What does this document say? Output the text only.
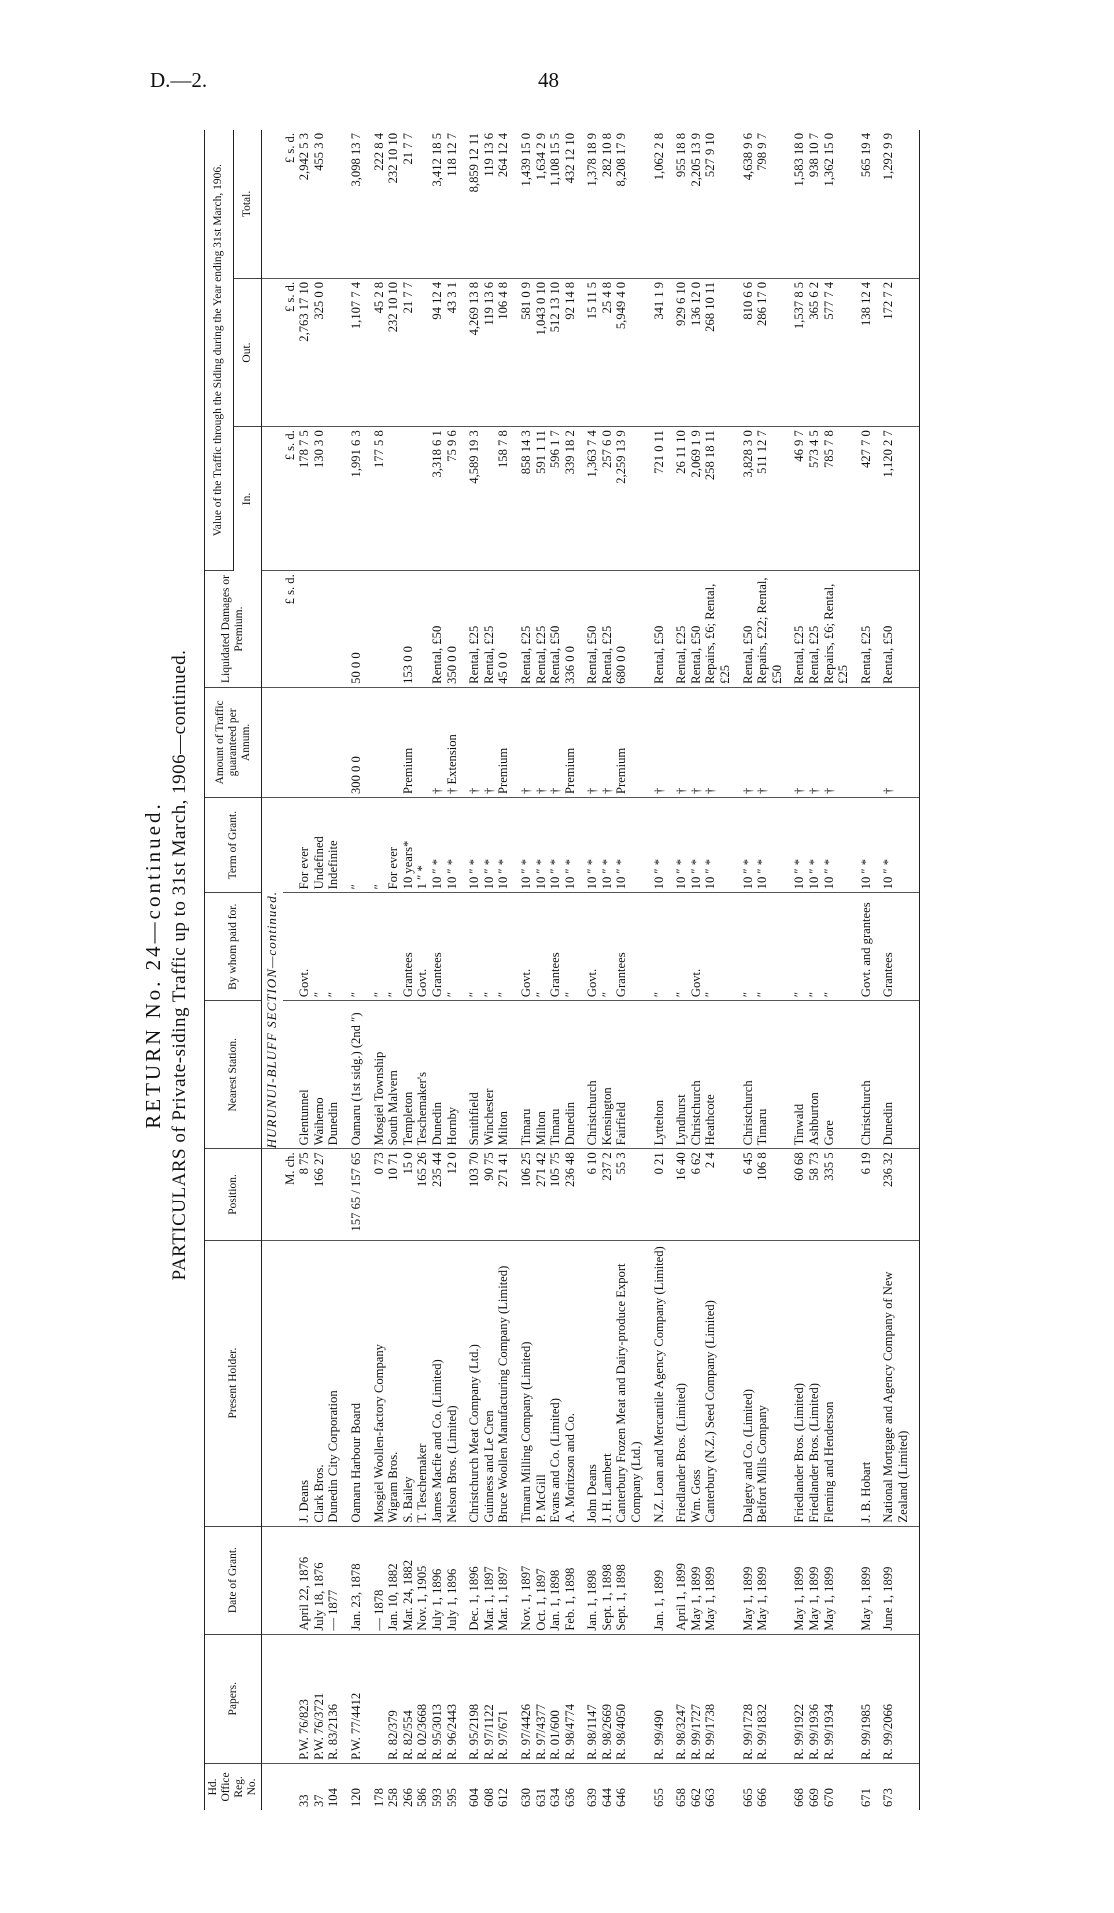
D.—2.	48
RETURN No. 24—continued. PARTICULARS of Private-siding Traffic up to 31st March, 1906—continued.
Hd. Office Reg. No.	Papers.	Date of Grant.	Present Holder.	Position.	Nearest Station.	By whom paid for.	Term of Grant.	Amount of Traffic guaranteed per Annum.	Liquidated Damages or Premium.	Value of the Traffic through the Siding during the Year ending 31st March, 1906.		
										In.	Out.	Total.
					HURUNUI-BLUFF SECTION—continued.							
				M. ch.					£ s. d.	£ s. d.	£ s. d.	£ s. d.
33	P.W. 76/823	April 22, 1876	J. Deans	8 75	Glentunnel	Govt.	For ever			178 7 5	2,763 17 10	2,942 5 3
37	P.W. 76/3721	July 18, 1876	Clark Bros.	166 27	Waihemo	″	Undefined			130 3 0	325 0 0	455 3 0
104	R. 83/2136	— 1877	Dunedin City Corporation		Dunedin	″	Indefinite					

120	P.W. 77/4412	Jan. 23, 1878	Oamaru Harbour Board	157 65 / 157 65	Oamaru (1st sidg.) (2nd ″)	″	″	300 0 0	50 0 0	1,991 6 3	1,107 7 4	3,098 13 7

178		— 1878	Mosgiel Woollen-factory Company	0 73	Mosgiel Township	″	″			177 5 8	45 2 8	222 8 4
258	R. 82/379	Jan. 10, 1882	Wigram Bros.	10 71	South Malvern	″	For ever				232 10 10	232 10 10
266	R. 82/554	Mar. 24, 1882	S. Bailey	15 0	Templeton	Grantees	10 years*	Premium	153 0 0		21 7 7	21 7 7
586	R. 02/3668	Nov. 1, 1905	T. Teschemaker	165 26	Teschemaker's	Govt.	1 ″ *					
593	R. 95/3013	July 1, 1896	James Macfie and Co. (Limited)	235 44	Dunedin	Grantees	10 ″ *	†	Rental, £50	3,318 6 1	94 12 4	3,412 18 5
595	R. 96/2443	July 1, 1896	Nelson Bros. (Limited)	12 0	Hornby	″	10 ″ *	† Extension	350 0 0	75 9 6	43 3 1	118 12 7

604	R. 95/2198	Dec. 1, 1896	Christchurch Meat Company (Ltd.)	103 70	Smithfield	″	10 ″ *	†	Rental, £25	4,589 19 3	4,269 13 8	8,859 12 11
608	R. 97/1122	Mar. 1, 1897	Guinness and Le Cren	90 75	Winchester	″	10 ″ *	†	Rental, £25		119 13 6	119 13 6
612	R. 97/671	Mar. 1, 1897	Bruce Woollen Manufacturing Company (Limited)	271 41	Milton	″	10 ″ *	Premium	45 0 0	158 7 8	106 4 8	264 12 4

630	R. 97/4426	Nov. 1, 1897	Timaru Milling Company (Limited)	106 25	Timaru	Govt.	10 ″ *	†	Rental, £25	858 14 3	581 0 9	1,439 15 0
631	R. 97/4377	Oct. 1, 1897	P. McGill	271 42	Milton	″	10 ″ *	†	Rental, £25	591 1 11	1,043 0 10	1,634 2 9
634	R. 01/600	Jan. 1, 1898	Evans and Co. (Limited)	105 75	Timaru	Grantees	10 ″ *	†	Rental, £50	596 1 7	512 13 10	1,108 15 5
636	R. 98/4774	Feb. 1, 1898	A. Moritzson and Co.	236 48	Dunedin	″	10 ″ *	Premium	336 0 0	339 18 2	92 14 8	432 12 10

639	R. 98/1147	Jan. 1, 1898	John Deans	6 10	Christchurch	Govt.	10 ″ *	†	Rental, £50	1,363 7 4	15 11 5	1,378 18 9
644	R. 98/2669	Sept. 1, 1898	J. H. Lambert	237 2	Kensington	″	10 ″ *	†	Rental, £25	257 6 0	25 4 8	282 10 8
646	R. 98/4050	Sept. 1, 1898	Canterbury Frozen Meat and Dairy-produce Export Company (Ltd.)	55 3	Fairfield	Grantees	10 ″ *	Premium	680 0 0	2,259 13 9	5,949 4 0	8,208 17 9

655	R. 99/490	Jan. 1, 1899	N.Z. Loan and Mercantile Agency Company (Limited)	0 21	Lyttelton	″	10 ″ *	†	Rental, £50	721 0 11	341 1 9	1,062 2 8

658	R. 98/3247	April 1, 1899	Friedlander Bros. (Limited)	16 40	Lyndhurst	″	10 ″ *	†	Rental, £25	26 11 10	929 6 10	955 18 8
662	R. 99/1727	May 1, 1899	Wm. Goss	6 62	Christchurch	Govt.	10 ″ *	†	Rental, £50	2,069 1 9	136 12 0	2,205 13 9
663	R. 99/1738	May 1, 1899	Canterbury (N.Z.) Seed Company (Limited)	2 4	Heathcote	″	10 ″ *	†	Repairs, £6; Rental, £25	258 18 11	268 10 11	527 9 10

665	R. 99/1728	May 1, 1899	Dalgety and Co. (Limited)	6 45	Christchurch	″	10 ″ *	†	Rental, £50	3,828 3 0	810 6 6	4,638 9 6
666	R. 99/1832	May 1, 1899	Belfort Mills Company	106 8	Timaru	″	10 ″ *	†	Repairs, £22; Rental, £50	511 12 7	286 17 0	798 9 7

668	R. 99/1922	May 1, 1899	Friedlander Bros. (Limited)	60 68	Tinwald	″	10 ″ *	†	Rental, £25	46 9 7	1,537 8 5	1,583 18 0
669	R. 99/1936	May 1, 1899	Friedlander Bros. (Limited)	58 73	Ashburton	″	10 ″ *	†	Rental, £25	573 4 5	365 6 2	938 10 7
670	R. 99/1934	May 1, 1899	Fleming and Henderson	335 5	Gore	″	10 ″ *	†	Repairs, £6; Rental, £25	785 7 8	577 7 4	1,362 15 0

671	R. 99/1985	May 1, 1899	J. B. Hobart	6 19	Christchurch	Govt. and grantees	10 ″ *		Rental, £25	427 7 0	138 12 4	565 19 4

673	R. 99/2066	June 1, 1899	National Mortgage and Agency Company of New Zealand (Limited)	236 32	Dunedin	Grantees	10 ″ *	†	Rental, £50	1,120 2 7	172 7 2	1,292 9 9
